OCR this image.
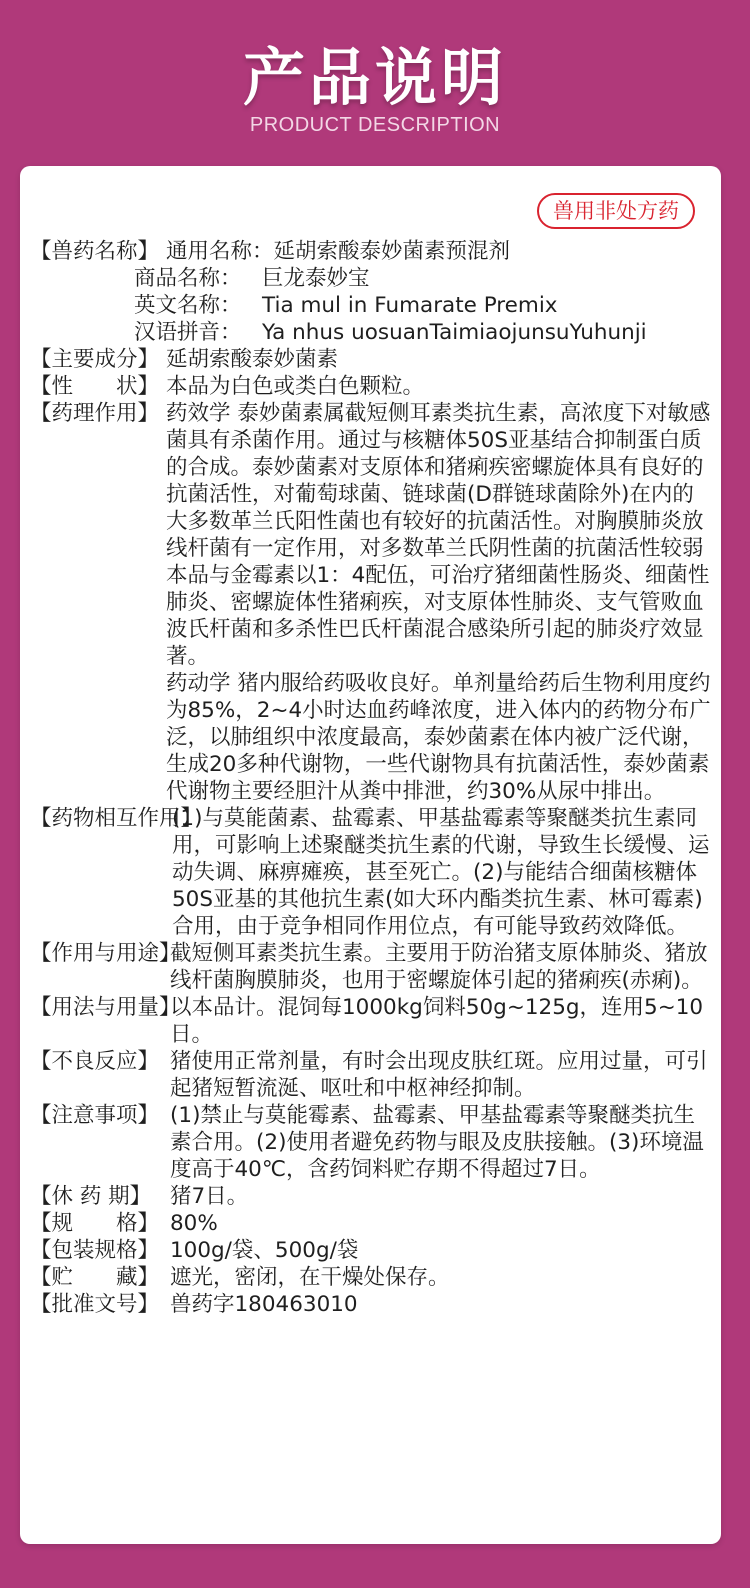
产品说明
PRODUCT DESCRIPTION
兽用非处方药
【兽药名称】 通用名称：延胡索酸泰妙菌素预混剂
商品名称： 巨龙泰妙宝
英文名称： Tia mul in Fumarate Premix
汉语拼音： Ya nhus uosuanTaimiaojunsuYuhunji
【主要成分】 延胡索酸泰妙菌素
【性　　状】 本品为白色或类白色颗粒。
【药理作用】 药效学 泰妙菌素属截短侧耳素类抗生素，高浓度下对敏感菌具有杀菌作用。通过与核糖体50S亚基结合抑制蛋白质的合成。泰妙菌素对支原体和猪痢疾密螺旋体具有良好的抗菌活性，对葡萄球菌、链球菌(D群链球菌除外)在内的大多数革兰氏阳性菌也有较好的抗菌活性。对胸膜肺炎放线杆菌有一定作用，对多数革兰氏阴性菌的抗菌活性较弱本品与金霉素以1：4配伍，可治疗猪细菌性肠炎、细菌性肺炎、密螺旋体性猪痢疾，对支原体性肺炎、支气管败血波氏杆菌和多杀性巴氏杆菌混合感染所引起的肺炎疗效显著。
药动学 猪内服给药吸收良好。单剂量给药后生物利用度约为85%，2~4小时达血药峰浓度，进入体内的药物分布广泛，以肺组织中浓度最高，泰妙菌素在体内被广泛代谢，生成20多种代谢物，一些代谢物具有抗菌活性，泰妙菌素代谢物主要经胆汁从粪中排泄，约30%从尿中排出。
【药物相互作用】
(1)与莫能菌素、盐霉素、甲基盐霉素等聚醚类抗生素同用，可影响上述聚醚类抗生素的代谢，导致生长缓慢、运动失调、麻痹瘫痪，甚至死亡。(2)与能结合细菌核糖体50S亚基的其他抗生素(如大环内酯类抗生素、林可霉素)合用，由于竞争相同作用位点，有可能导致药效降低。
【作用与用途】
截短侧耳素类抗生素。主要用于防治猪支原体肺炎、猪放线杆菌胸膜肺炎，也用于密螺旋体引起的猪痢疾(赤痢)。
【用法与用量】
以本品计。混饲每1000kg饲料50g~125g，连用5~10日。
【不良反应】 猪使用正常剂量，有时会出现皮肤红斑。应用过量，可引起猪短暂流涎、呕吐和中枢神经抑制。
【注意事项】 (1)禁止与莫能霉素、盐霉素、甲基盐霉素等聚醚类抗生素合用。(2)使用者避免药物与眼及皮肤接触。(3)环境温度高于40℃，含药饲料贮存期不得超过7日。
【休 药 期】 猪7日。
【规　　格】 80%
【包装规格】 100g/袋、500g/袋
【贮　　藏】 遮光，密闭，在干燥处保存。
【批准文号】 兽药字180463010
